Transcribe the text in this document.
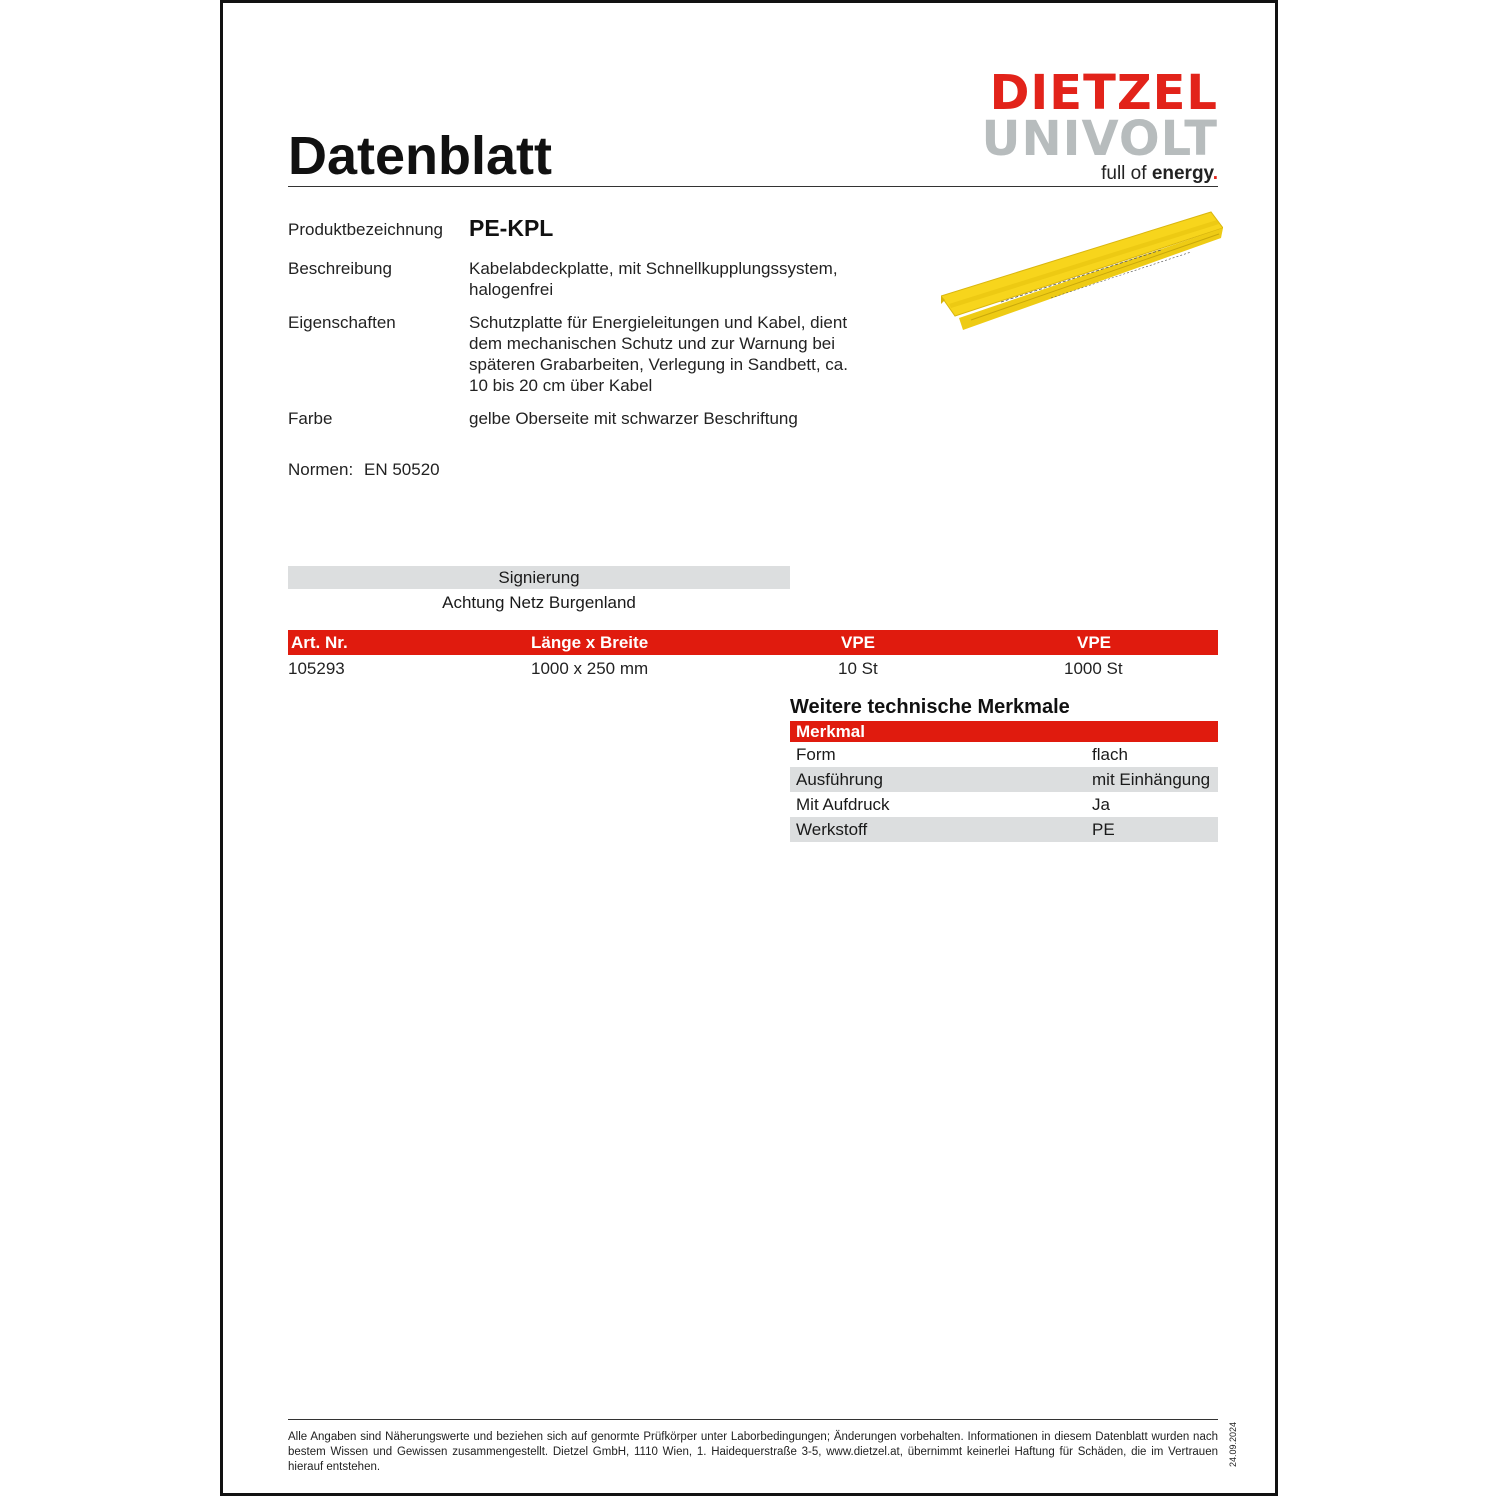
Datenblatt
DIETZEL
UNIVOLT
full of energy.
Produktbezeichnung PE-KPL
Beschreibung	Kabelabdeckplatte, mit Schnellkupplungssystem,
halogenfrei
Eigenschaften	Schutzplatte für Energieleitungen und Kabel, dient
dem mechanischen Schutz und zur Warnung bei
späteren Grabarbeiten, Verlegung in Sandbett, ca.
10 bis 20 cm über Kabel
Farbe	gelbe Oberseite mit schwarzer Beschriftung
Normen: EN 50520
Signierung
Achtung Netz Burgenland
Art. Nr.	Länge x Breite	VPE	VPE
105293	1000 x 250 mm	10 St	1000 St
Weitere technische Merkmale
Merkmal
Form	flach
Ausführung	mit Einhängung
Mit Aufdruck	Ja
Werkstoff	PE
Alle Angaben sind Näherungswerte und beziehen sich auf genormte Prüfkörper unter Laborbedingungen; Änderungen vorbehalten. Informationen in diesem Datenblatt wurden nach bestem Wissen und Gewissen zusammengestellt. Dietzel GmbH, 1110 Wien, 1. Haidequerstraße 3-5, www.dietzel.at, übernimmt keinerlei Haftung für Schäden, die im Vertrauen hierauf entstehen.	24.09.2024
